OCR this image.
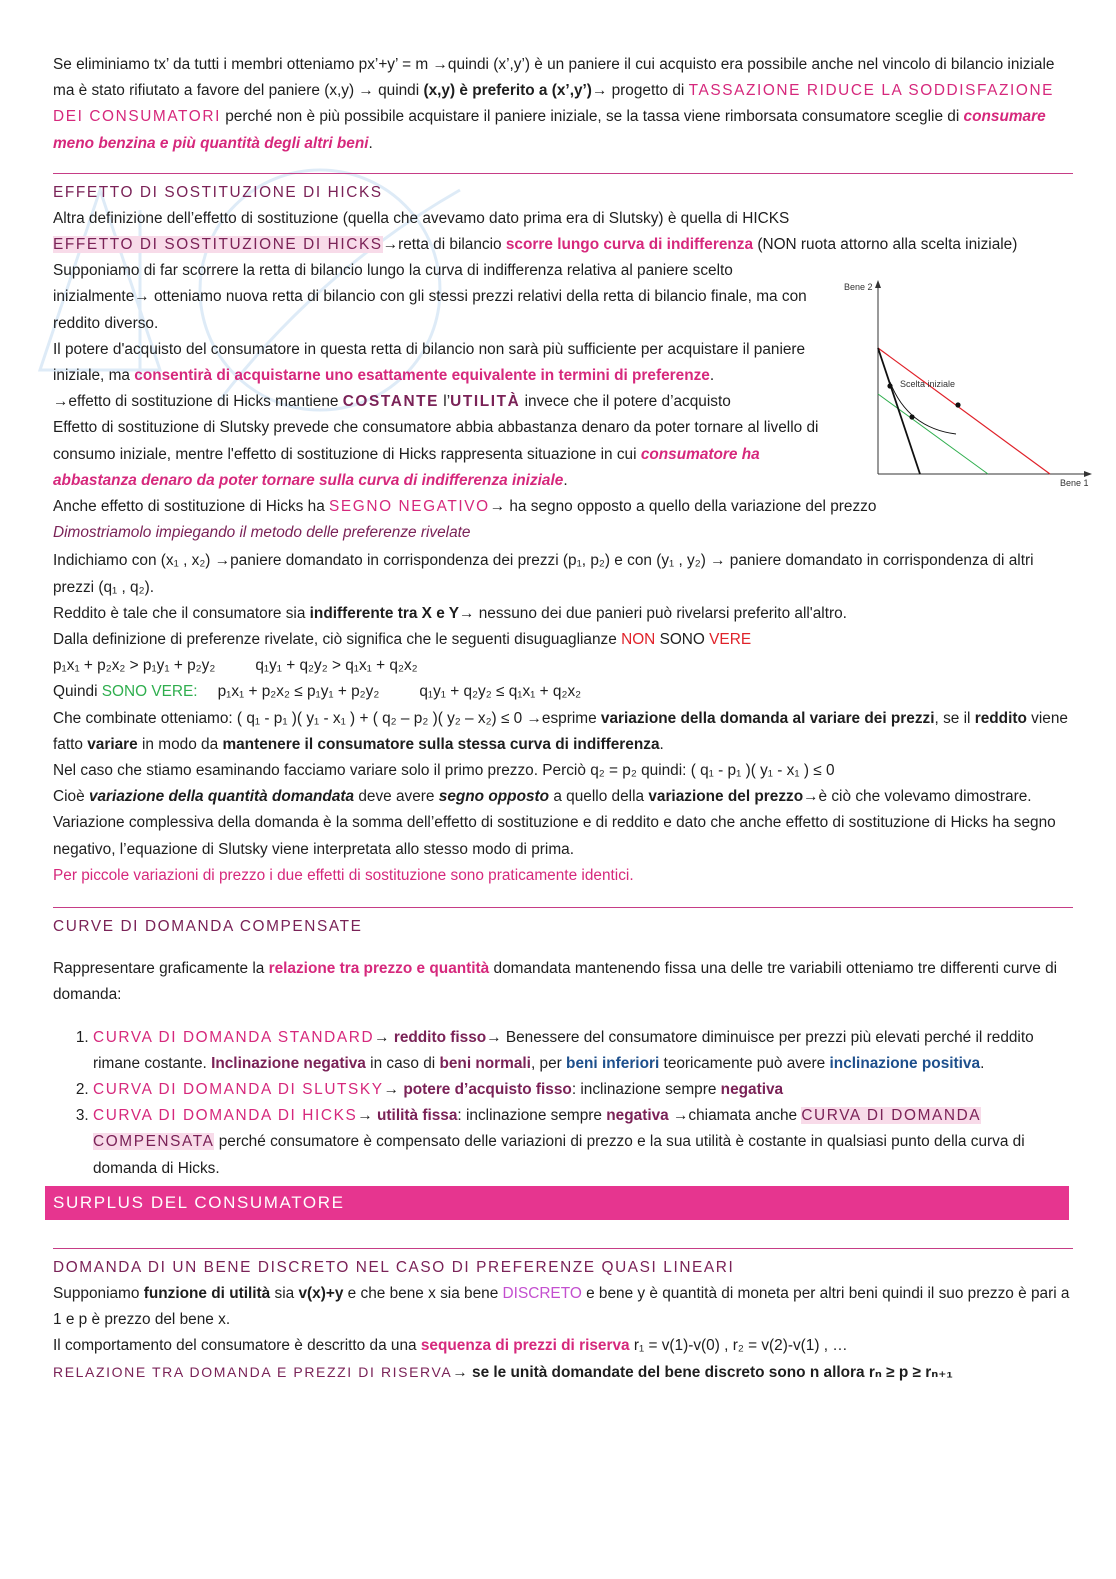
Bene 2
Bene 1
Scelta iniziale

Se eliminiamo tx’ da tutti i membri otteniamo px’+y’ = m →quindi (x’,y’) è un paniere il cui acquisto era possibile anche nel vincolo di bilancio iniziale ma è stato rifiutato a favore del paniere (x,y) → quindi (x,y) è preferito a (x’,y’)→ progetto di TASSAZIONE RIDUCE LA SODDISFAZIONE DEI CONSUMATORI perché non è più possibile acquistare il paniere iniziale, se la tassa viene rimborsata consumatore sceglie di consumare meno benzina e più quantità degli altri beni.

EFFETTO DI SOSTITUZIONE DI HICKS

Altra definizione dell’effetto di sostituzione (quella che avevamo dato prima era di Slutsky) è quella di HICKS

EFFETTO DI SOSTITUZIONE DI HICKS→retta di bilancio scorre lungo curva di indifferenza (NON ruota attorno alla scelta iniziale)

Supponiamo di far scorrere la retta di bilancio lungo la curva di indifferenza relativa al paniere scelto inizialmente→ otteniamo nuova retta di bilancio con gli stessi prezzi relativi della retta di bilancio finale, ma con reddito diverso.

Il potere d'acquisto del consumatore in questa retta di bilancio non sarà più sufficiente per acquistare il paniere iniziale, ma consentirà di acquistarne uno esattamente equivalente in termini di preferenze.

→effetto di sostituzione di Hicks mantiene COSTANTE l’UTILITÀ invece che il potere d’acquisto

Effetto di sostituzione di Slutsky prevede che consumatore abbia abbastanza denaro da poter tornare al livello di consumo iniziale, mentre l'effetto di sostituzione di Hicks rappresenta situazione in cui consumatore ha abbastanza denaro da poter tornare sulla curva di indifferenza iniziale.

Anche effetto di sostituzione di Hicks ha SEGNO NEGATIVO→ ha segno opposto a quello della variazione del prezzo

Dimostriamolo impiegando il metodo delle preferenze rivelate

Indichiamo con (x₁ , x₂) →paniere domandato in corrispondenza dei prezzi (p₁, p₂) e con (y₁ , y₂) → paniere domandato in corrispondenza di altri prezzi (q₁ , q₂).

Reddito è tale che il consumatore sia indifferente tra X e Y→ nessuno dei due panieri può rivelarsi preferito all'altro.

Dalla definizione di preferenze rivelate, ciò significa che le seguenti disuguaglianze NON SONO VERE

p₁x₁ + p₂x₂ > p₁y₁ + p₂y₂	q₁y₁ + q₂y₂ > q₁x₁ + q₂x₂

Quindi SONO VERE: p₁x₁ + p₂x₂ ≤ p₁y₁ + p₂y₂	q₁y₁ + q₂y₂ ≤ q₁x₁ + q₂x₂

Che combinate otteniamo: ( q₁ - p₁ )( y₁ - x₁ ) + ( q₂ – p₂ )( y₂ – x₂) ≤ 0 →esprime variazione della domanda al variare dei prezzi, se il reddito viene fatto variare in modo da mantenere il consumatore sulla stessa curva di indifferenza.

Nel caso che stiamo esaminando facciamo variare solo il primo prezzo. Perciò q₂ = p₂ quindi: ( q₁ - p₁ )( y₁ - x₁ ) ≤ 0

Cioè variazione della quantità domandata deve avere segno opposto a quello della variazione del prezzo→è ciò che volevamo dimostrare.

Variazione complessiva della domanda è la somma dell’effetto di sostituzione e di reddito e dato che anche effetto di sostituzione di Hicks ha segno negativo, l’equazione di Slutsky viene interpretata allo stesso modo di prima.

Per piccole variazioni di prezzo i due effetti di sostituzione sono praticamente identici.

CURVE DI DOMANDA COMPENSATE

Rappresentare graficamente la relazione tra prezzo e quantità domandata mantenendo fissa una delle tre variabili otteniamo tre differenti curve di domanda:

1. CURVA DI DOMANDA STANDARD→ reddito fisso→ Benessere del consumatore diminuisce per prezzi più elevati perché il reddito rimane costante. Inclinazione negativa in caso di beni normali, per beni inferiori teoricamente può avere inclinazione positiva.
2. CURVA DI DOMANDA DI SLUTSKY→ potere d’acquisto fisso: inclinazione sempre negativa
3. CURVA DI DOMANDA DI HICKS→ utilità fissa: inclinazione sempre negativa →chiamata anche CURVA DI DOMANDA COMPENSATA perché consumatore è compensato delle variazioni di prezzo e la sua utilità è costante in qualsiasi punto della curva di domanda di Hicks.
SURPLUS DEL CONSUMATORE
DOMANDA DI UN BENE DISCRETO NEL CASO DI PREFERENZE QUASI LINEARI

Supponiamo funzione di utilità sia v(x)+y e che bene x sia bene DISCRETO e bene y è quantità di moneta per altri beni quindi il suo prezzo è pari a 1 e p è prezzo del bene x.

Il comportamento del consumatore è descritto da una sequenza di prezzi di riserva r₁ = v(1)-v(0) , r₂ = v(2)-v(1) , …

RELAZIONE TRA DOMANDA E PREZZI DI RISERVA→ se le unità domandate del bene discreto sono n allora rₙ ≥ p ≥ rₙ₊₁
